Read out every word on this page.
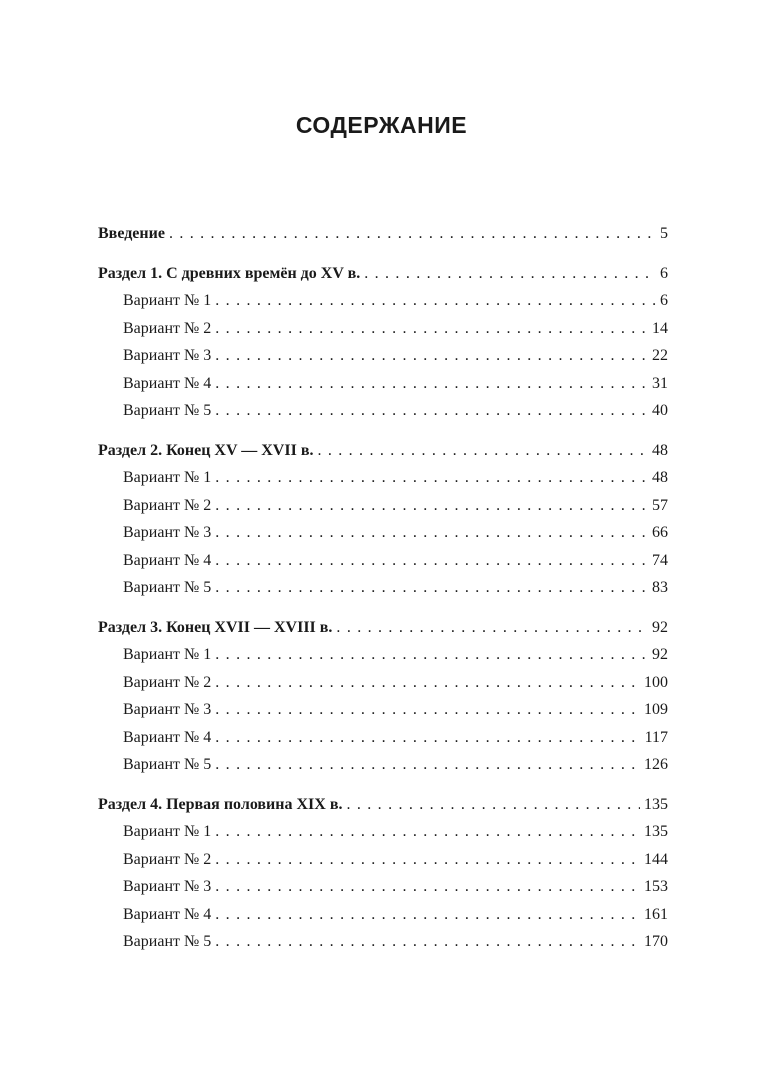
СОДЕРЖАНИЕ
Введение . . .	5
Раздел 1. С древних времён до XV в. . . .	6
Вариант № 1 . . .	6
Вариант № 2 . . .	14
Вариант № 3 . . .	22
Вариант № 4 . . .	31
Вариант № 5 . . .	40
Раздел 2. Конец XV — XVII в. . . .	48
Вариант № 1 . . .	48
Вариант № 2 . . .	57
Вариант № 3 . . .	66
Вариант № 4 . . .	74
Вариант № 5 . . .	83
Раздел 3. Конец XVII — XVIII в. . . .	92
Вариант № 1 . . .	92
Вариант № 2 . . .	100
Вариант № 3 . . .	109
Вариант № 4 . . .	117
Вариант № 5 . . .	126
Раздел 4. Первая половина XIX в. . . .	135
Вариант № 1 . . .	135
Вариант № 2 . . .	144
Вариант № 3 . . .	153
Вариант № 4 . . .	161
Вариант № 5 . . .	170
